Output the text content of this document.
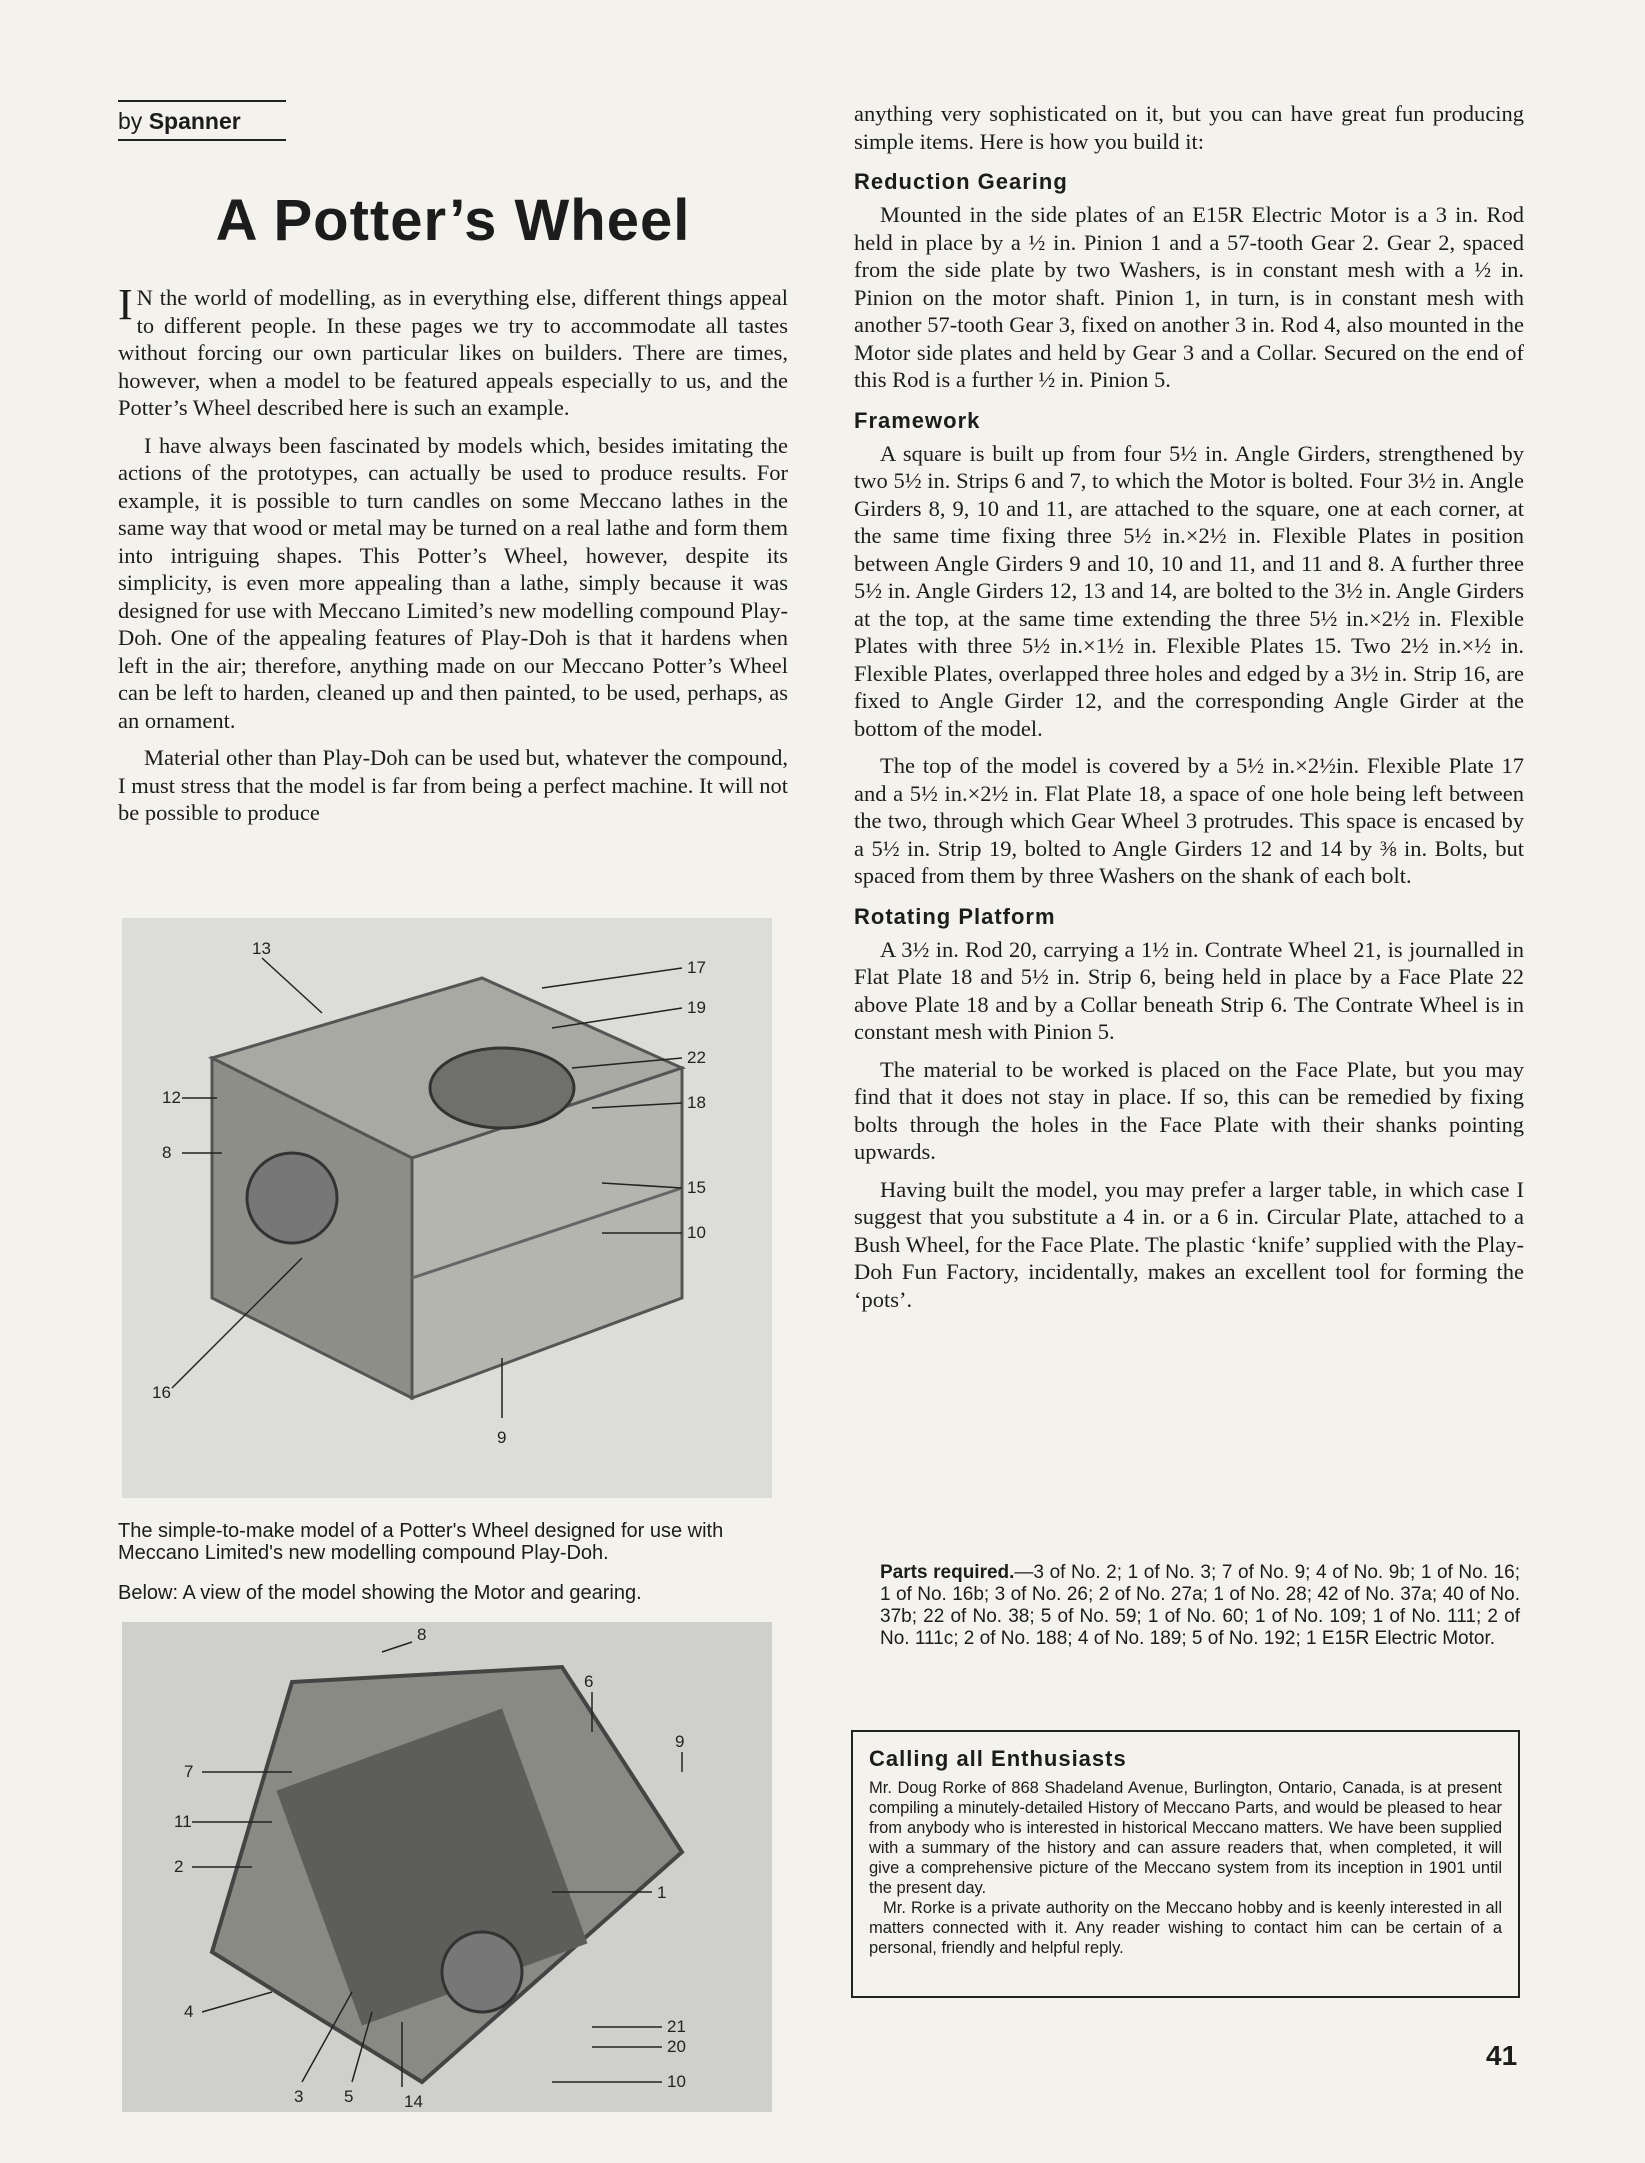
by Spanner
A Potter’s Wheel

I N the world of modelling, as in everything else, different things appeal to different people. In these pages we try to accommodate all tastes without forcing our own particular likes on builders. There are times, however, when a model to be featured appeals especially to us, and the Potter’s Wheel described here is such an example.

I have always been fascinated by models which, besides imitating the actions of the prototypes, can actually be used to produce results. For example, it is possible to turn candles on some Meccano lathes in the same way that wood or metal may be turned on a real lathe and form them into intriguing shapes. This Potter’s Wheel, however, despite its simplicity, is even more appealing than a lathe, simply because it was designed for use with Meccano Limited’s new modelling compound Play-Doh. One of the appealing features of Play-Doh is that it hardens when left in the air; therefore, anything made on our Meccano Potter’s Wheel can be left to harden, cleaned up and then painted, to be used, perhaps, as an ornament.

Material other than Play-Doh can be used but, whatever the compound, I must stress that the model is far from being a perfect machine. It will not be possible to produce

13
17
19
22
18
12
8
15
10
16
9
The simple-to-make model of a Potter's Wheel designed for use with Meccano Limited's new modelling compound Play-Doh.
Below: A view of the model showing the Motor and gearing.
8
6
9
7
11
2
1
4
21
20
10
3 5	14

anything very sophisticated on it, but you can have great fun producing simple items. Here is how you build it:

Reduction Gearing

Mounted in the side plates of an E15R Electric Motor is a 3 in. Rod held in place by a ½ in. Pinion 1 and a 57-tooth Gear 2. Gear 2, spaced from the side plate by two Washers, is in constant mesh with a ½ in. Pinion on the motor shaft. Pinion 1, in turn, is in constant mesh with another 57-tooth Gear 3, fixed on another 3 in. Rod 4, also mounted in the Motor side plates and held by Gear 3 and a Collar. Secured on the end of this Rod is a further ½ in. Pinion 5.

Framework

A square is built up from four 5½ in. Angle Girders, strengthened by two 5½ in. Strips 6 and 7, to which the Motor is bolted. Four 3½ in. Angle Girders 8, 9, 10 and 11, are attached to the square, one at each corner, at the same time fixing three 5½ in.×2½ in. Flexible Plates in position between Angle Girders 9 and 10, 10 and 11, and 11 and 8. A further three 5½ in. Angle Girders 12, 13 and 14, are bolted to the 3½ in. Angle Girders at the top, at the same time extending the three 5½ in.×2½ in. Flexible Plates with three 5½ in.×1½ in. Flexible Plates 15. Two 2½ in.×½ in. Flexible Plates, overlapped three holes and edged by a 3½ in. Strip 16, are fixed to Angle Girder 12, and the corresponding Angle Girder at the bottom of the model.

The top of the model is covered by a 5½ in.×2½in. Flexible Plate 17 and a 5½ in.×2½ in. Flat Plate 18, a space of one hole being left between the two, through which Gear Wheel 3 protrudes. This space is encased by a 5½ in. Strip 19, bolted to Angle Girders 12 and 14 by ⅜ in. Bolts, but spaced from them by three Washers on the shank of each bolt.

Rotating Platform

A 3½ in. Rod 20, carrying a 1½ in. Contrate Wheel 21, is journalled in Flat Plate 18 and 5½ in. Strip 6, being held in place by a Face Plate 22 above Plate 18 and by a Collar beneath Strip 6. The Contrate Wheel is in constant mesh with Pinion 5.

The material to be worked is placed on the Face Plate, but you may find that it does not stay in place. If so, this can be remedied by fixing bolts through the holes in the Face Plate with their shanks pointing upwards.

Having built the model, you may prefer a larger table, in which case I suggest that you substitute a 4 in. or a 6 in. Circular Plate, attached to a Bush Wheel, for the Face Plate. The plastic ‘knife’ supplied with the Play-Doh Fun Factory, incidentally, makes an excellent tool for forming the ‘pots’.

Parts required.—3 of No. 2; 1 of No. 3; 7 of No. 9; 4 of No. 9b; 1 of No. 16; 1 of No. 16b; 3 of No. 26; 2 of No. 27a; 1 of No. 28; 42 of No. 37a; 40 of No. 37b; 22 of No. 38; 5 of No. 59; 1 of No. 60; 1 of No. 109; 1 of No. 111; 2 of No. 111c; 2 of No. 188; 4 of No. 189; 5 of No. 192; 1 E15R Electric Motor.
Calling all Enthusiasts

Mr. Doug Rorke of 868 Shadeland Avenue, Burlington, Ontario, Canada, is at present compiling a minutely-detailed History of Meccano Parts, and would be pleased to hear from anybody who is interested in historical Meccano matters. We have been supplied with a summary of the history and can assure readers that, when completed, it will give a comprehensive picture of the Meccano system from its inception in 1901 until the present day.

Mr. Rorke is a private authority on the Meccano hobby and is keenly interested in all matters connected with it. Any reader wishing to contact him can be certain of a personal, friendly and helpful reply.

41
